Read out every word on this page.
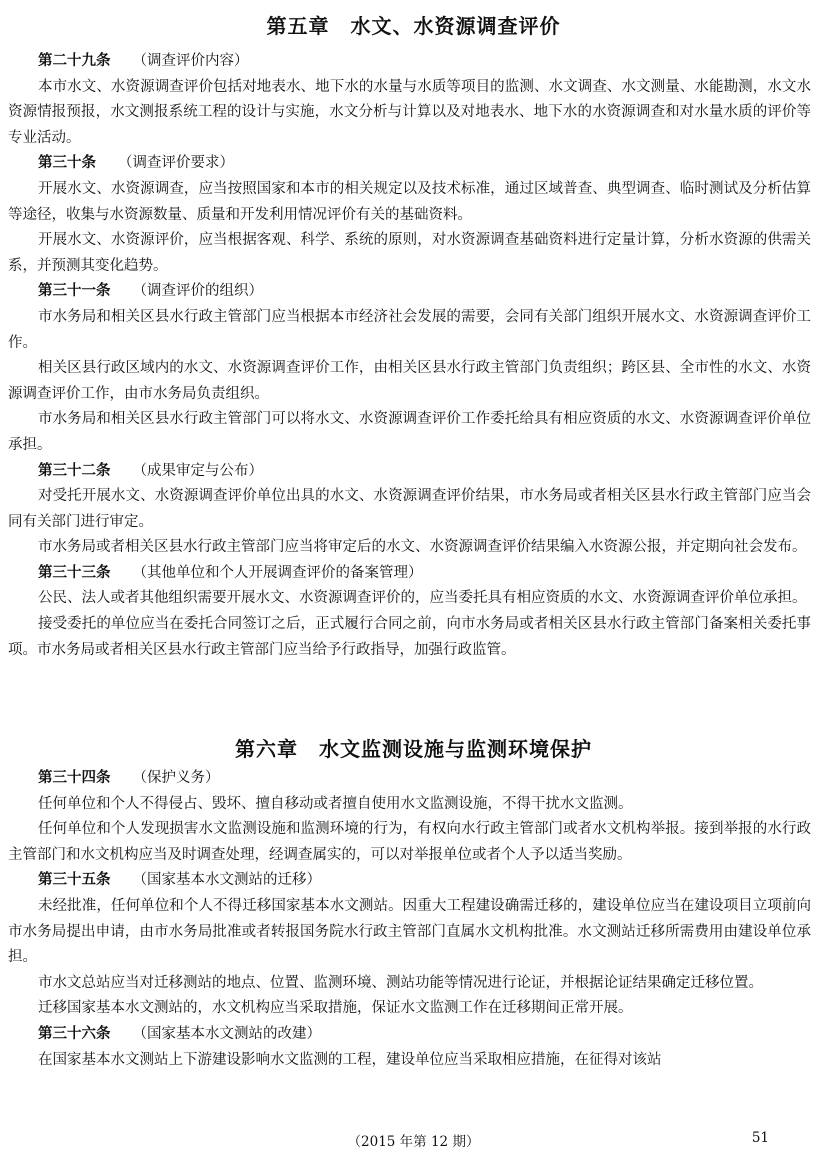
第五章　水文、水资源调查评价

第二十九条 （调查评价内容）

本市水文、水资源调查评价包括对地表水、地下水的水量与水质等项目的监测、水文调查、水文测量、水能勘测，水文水资源情报预报，水文测报系统工程的设计与实施，水文分析与计算以及对地表水、地下水的水资源调查和对水量水质的评价等专业活动。

第三十条 （调查评价要求）

开展水文、水资源调查，应当按照国家和本市的相关规定以及技术标准，通过区域普查、典型调查、临时测试及分析估算等途径，收集与水资源数量、质量和开发利用情况评价有关的基础资料。

开展水文、水资源评价，应当根据客观、科学、系统的原则，对水资源调查基础资料进行定量计算，分析水资源的供需关系，并预测其变化趋势。

第三十一条 （调查评价的组织）

市水务局和相关区县水行政主管部门应当根据本市经济社会发展的需要，会同有关部门组织开展水文、水资源调查评价工作。

相关区县行政区域内的水文、水资源调查评价工作，由相关区县水行政主管部门负责组织；跨区县、全市性的水文、水资源调查评价工作，由市水务局负责组织。

市水务局和相关区县水行政主管部门可以将水文、水资源调查评价工作委托给具有相应资质的水文、水资源调查评价单位承担。

第三十二条 （成果审定与公布）

对受托开展水文、水资源调查评价单位出具的水文、水资源调查评价结果，市水务局或者相关区县水行政主管部门应当会同有关部门进行审定。

市水务局或者相关区县水行政主管部门应当将审定后的水文、水资源调查评价结果编入水资源公报，并定期向社会发布。

第三十三条 （其他单位和个人开展调查评价的备案管理）

公民、法人或者其他组织需要开展水文、水资源调查评价的，应当委托具有相应资质的水文、水资源调查评价单位承担。

接受委托的单位应当在委托合同签订之后，正式履行合同之前，向市水务局或者相关区县水行政主管部门备案相关委托事项。市水务局或者相关区县水行政主管部门应当给予行政指导，加强行政监管。

第六章　水文监测设施与监测环境保护

第三十四条 （保护义务）

任何单位和个人不得侵占、毁坏、擅自移动或者擅自使用水文监测设施，不得干扰水文监测。

任何单位和个人发现损害水文监测设施和监测环境的行为，有权向水行政主管部门或者水文机构举报。接到举报的水行政主管部门和水文机构应当及时调查处理，经调查属实的，可以对举报单位或者个人予以适当奖励。

第三十五条 （国家基本水文测站的迁移）

未经批准，任何单位和个人不得迁移国家基本水文测站。因重大工程建设确需迁移的，建设单位应当在建设项目立项前向市水务局提出申请，由市水务局批准或者转报国务院水行政主管部门直属水文机构批准。水文测站迁移所需费用由建设单位承担。

市水文总站应当对迁移测站的地点、位置、监测环境、测站功能等情况进行论证，并根据论证结果确定迁移位置。

迁移国家基本水文测站的，水文机构应当采取措施，保证水文监测工作在迁移期间正常开展。

第三十六条 （国家基本水文测站的改建）

在国家基本水文测站上下游建设影响水文监测的工程，建设单位应当采取相应措施，在征得对该站

（2015 年第 12 期）	51
